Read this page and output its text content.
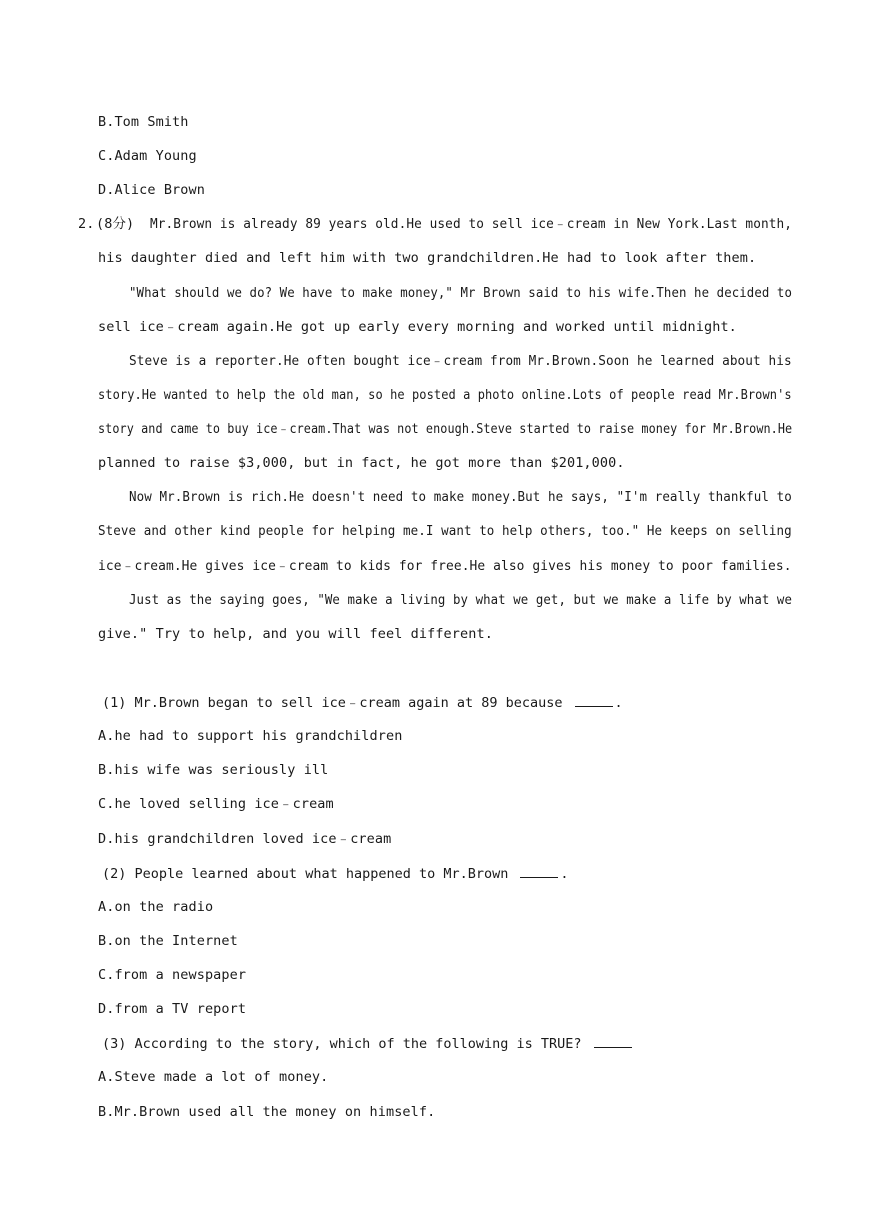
B.Tom Smith
C.Adam Young
D.Alice Brown
2. (8分) Mr.Brown is already 89 years old.He used to sell ice﹣cream in New York.Last month,
his daughter died and left him with two grandchildren.He had to look after them.
"What should we do? We have to make money," Mr Brown said to his wife.Then he decided to
sell ice﹣cream again.He got up early every morning and worked until midnight.
Steve is a reporter.He often bought ice﹣cream from Mr.Brown.Soon he learned about his
story.He wanted to help the old man, so he posted a photo online.Lots of people read Mr.Brown's
story and came to buy ice﹣cream.That was not enough.Steve started to raise money for Mr.Brown.He
planned to raise $3,000, but in fact, he got more than $201,000.
Now Mr.Brown is rich.He doesn't need to make money.But he says, "I'm really thankful to
Steve and other kind people for helping me.I want to help others, too." He keeps on selling
ice﹣cream.He gives ice﹣cream to kids for free.He also gives his money to poor families.
Just as the saying goes, "We make a living by what we get, but we make a life by what we
give." Try to help, and you will feel different.
(1) Mr.Brown began to sell ice﹣cream again at 89 because	.
A.he had to support his grandchildren
B.his wife was seriously ill
C.he loved selling ice﹣cream
D.his grandchildren loved ice﹣cream
(2) People learned about what happened to Mr.Brown	.
A.on the radio
B.on the Internet
C.from a newspaper
D.from a TV report
(3) According to the story, which of the following is TRUE?
A.Steve made a lot of money.
B.Mr.Brown used all the money on himself.
